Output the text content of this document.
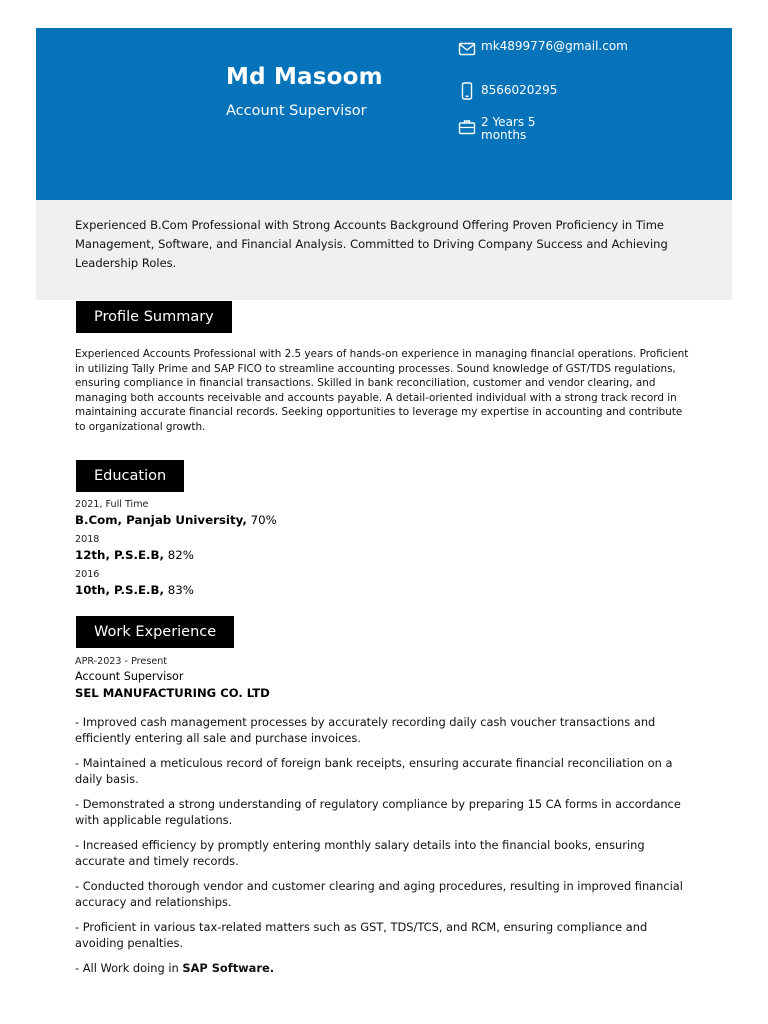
Md Masoom
Account Supervisor
mk4899776@gmail.com
8566020295
2 Years 5
months

Experienced B.Com Professional with Strong Accounts Background Offering Proven Proficiency in Time Management, Software, and Financial Analysis. Committed to Driving Company Success and Achieving Leadership Roles.

Profile Summary

Experienced Accounts Professional with 2.5 years of hands-on experience in managing financial operations. Proficient in utilizing Tally Prime and SAP FICO to streamline accounting processes. Sound knowledge of GST/TDS regulations, ensuring compliance in financial transactions. Skilled in bank reconciliation, customer and vendor clearing, and managing both accounts receivable and accounts payable. A detail-oriented individual with a strong track record in maintaining accurate financial records. Seeking opportunities to leverage my expertise in accounting and contribute to organizational growth.

Education
2021, Full Time
B.Com, Panjab University, 70%
2018
12th, P.S.E.B, 82%
2016
10th, P.S.E.B, 83%
Work Experience
APR-2023 - Present
Account Supervisor
SEL MANUFACTURING CO. LTD

- Improved cash management processes by accurately recording daily cash voucher transactions and efficiently entering all sale and purchase invoices.

- Maintained a meticulous record of foreign bank receipts, ensuring accurate financial reconciliation on a daily basis.

- Demonstrated a strong understanding of regulatory compliance by preparing 15 CA forms in accordance with applicable regulations.

- Increased efficiency by promptly entering monthly salary details into the financial books, ensuring accurate and timely records.

- Conducted thorough vendor and customer clearing and aging procedures, resulting in improved financial accuracy and relationships.

- Proficient in various tax-related matters such as GST, TDS/TCS, and RCM, ensuring compliance and avoiding penalties.

- All Work doing in SAP Software.
